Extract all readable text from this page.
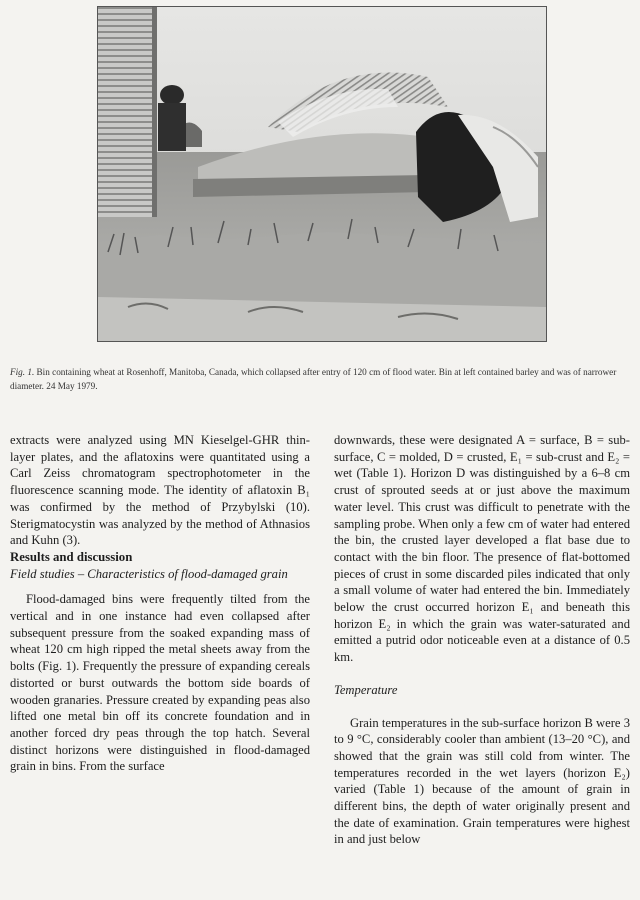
Fig. 1. Bin containing wheat at Rosenhoff, Manitoba, Canada, which collapsed after entry of 120 cm of flood water. Bin at left contained barley and was of narrower diameter. 24 May 1979.

extracts were analyzed using MN Kieselgel-GHR thin-layer plates, and the aflatoxins were quantitated using a Carl Zeiss chromatogram spectrophotometer in the fluorescence scanning mode. The identity of aflatoxin B₁ was confirmed by the method of Przybylski (10). Sterigmatocystin was analyzed by the method of Athnasios and Kuhn (3).

Results and discussion

Field studies – Characteristics of flood-damaged grain

Flood-damaged bins were frequently tilted from the vertical and in one instance had even collapsed after subsequent pressure from the soaked expanding mass of wheat 120 cm high ripped the metal sheets away from the bolts (Fig. 1). Frequently the pressure of expanding cereals distorted or burst outwards the bottom side boards of wooden granaries. Pressure created by expanding peas also lifted one metal bin off its concrete foundation and in another forced dry peas through the top hatch. Several distinct horizons were distinguished in flood-damaged grain in bins. From the surface

downwards, these were designated A = surface, B = sub-surface, C = molded, D = crusted, E₁ = sub-crust and E₂ = wet (Table 1). Horizon D was distinguished by a 6–8 cm crust of sprouted seeds at or just above the maximum water level. This crust was difficult to penetrate with the sampling probe. When only a few cm of water had entered the bin, the crusted layer developed a flat base due to contact with the bin floor. The presence of flat-bottomed pieces of crust in some discarded piles indicated that only a small volume of water had entered the bin. Immediately below the crust occurred horizon E₁ and beneath this horizon E₂ in which the grain was water-saturated and emitted a putrid odor noticeable even at a distance of 0.5 km.

Temperature

Grain temperatures in the sub-surface horizon B were 3 to 9 °C, considerably cooler than ambient (13–20 °C), and showed that the grain was still cold from winter. The temperatures recorded in the wet layers (horizon E₂) varied (Table 1) because of the amount of grain in different bins, the depth of water originally present and the date of examination. Grain temperatures were highest in and just below
